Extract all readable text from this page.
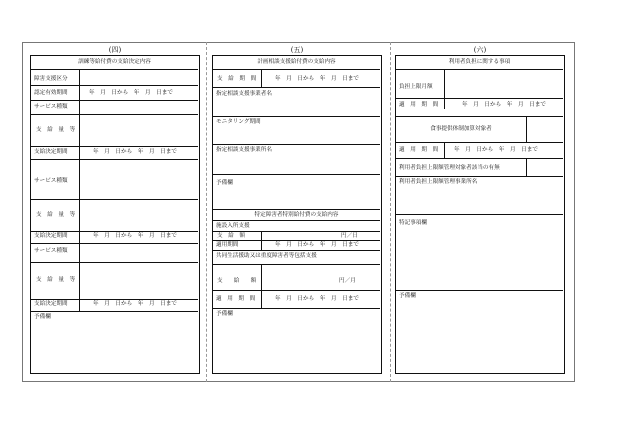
(四)	(五)	(六)
訓練等給付費の支給決定内容
障害支援区分
認定有効期間	年　月　日から　年　月　日まで
サービス種類
支　給　量　等
支給決定期間	年　月　日から　年　月　日まで
サービス種類
支　給　量　等
支給決定期間	年　月　日から　年　月　日まで
サービス種類
支　給　量　等
支給決定期間	年　月　日から　年　月　日まで
予備欄
計画相談支援給付費の支給内容
支　給　期　間	年　月　日から　年　月　日まで
指定相談支援事業者名
モニタリング期間
指定相談支援事業所名
予備欄
特定障害者特別給付費の支給内容
施設入所支援
支　給　額	円／日
適用期間	年　月　日から　年　月　日まで
共同生活援助又は重度障害者等包括支援
支　　給　　額	円／月
適　用　期　間	年　月　日から　年　月　日まで
予備欄
利用者負担に関する事項
負担上限月額
適　用　期　間	年　月　日から　年　月　日まで
食事提供体制加算対象者
適　用　期　間	年　月　日から　年　月　日まで
利用者負担上限額管理対象者該当の有無
利用者負担上限額管理事業所名
特記事項欄
予備欄
